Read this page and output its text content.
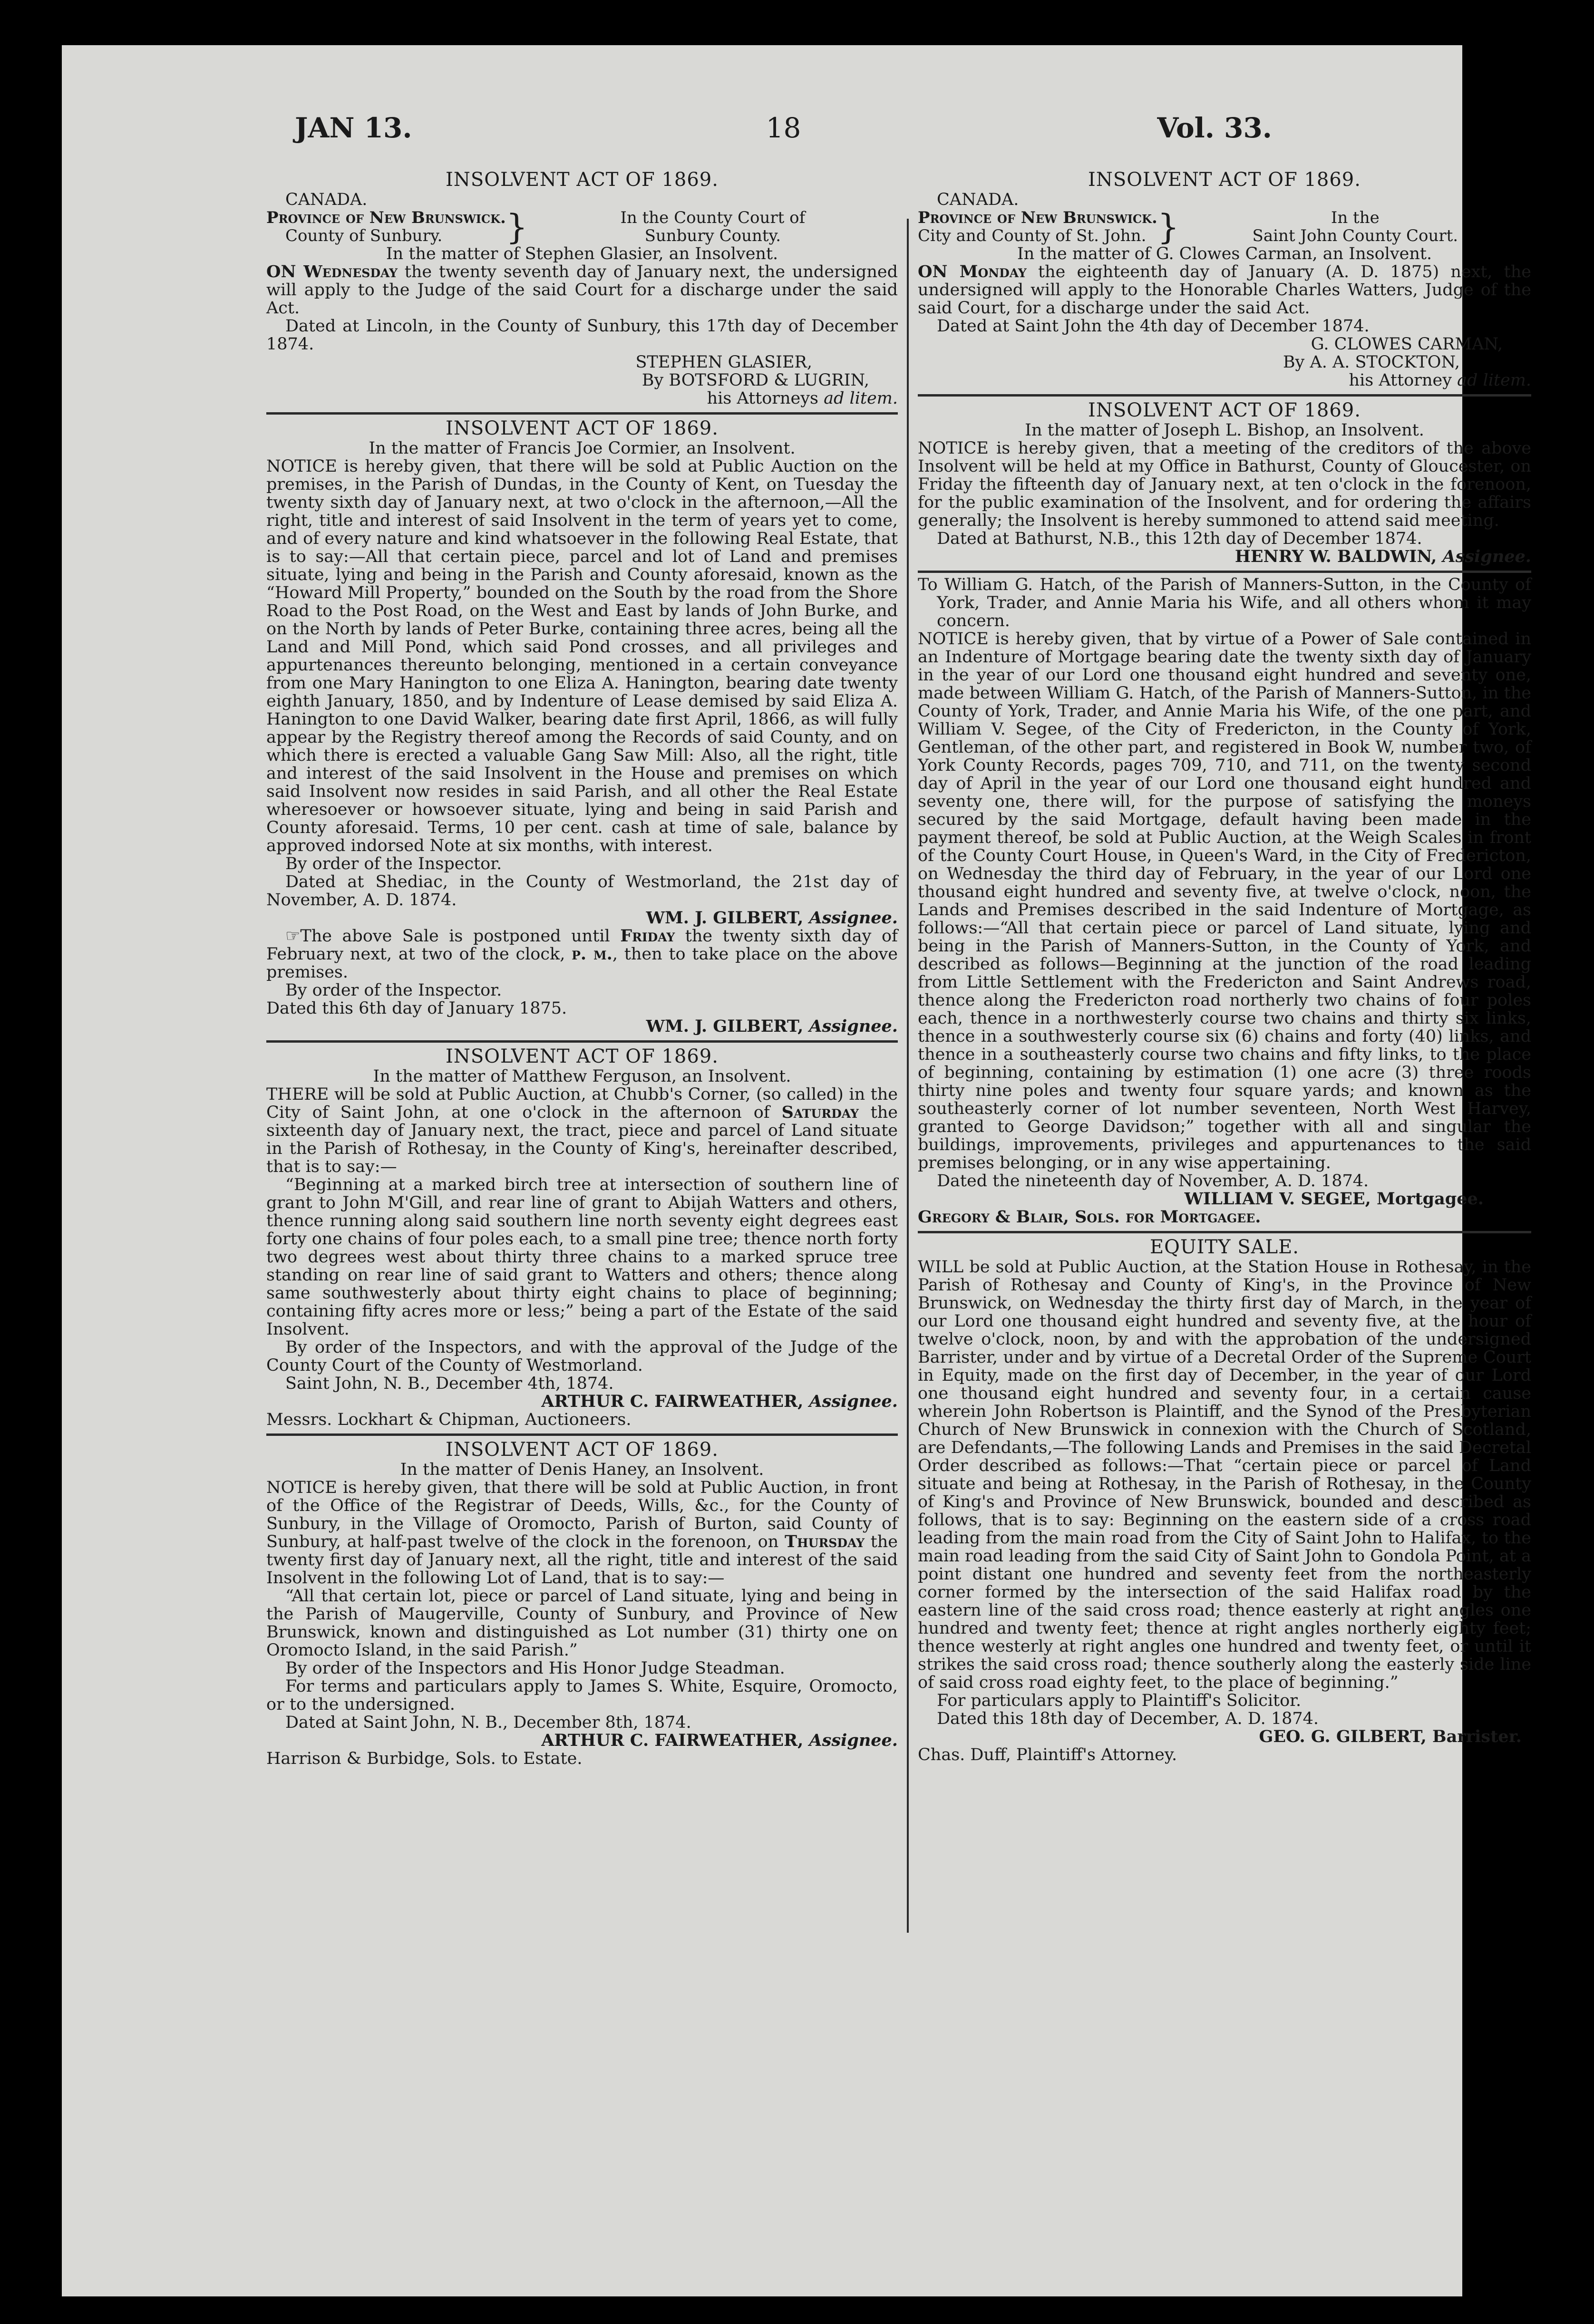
JAN 13.	18	Vol. 33.
INSOLVENT ACT OF 1869.
CANADA.
Province of New Brunswick.
County of Sunbury.	}	In the County Court of
Sunbury County.
In the matter of Stephen Glasier, an Insolvent.
ON Wednesday the twenty seventh day of January next, the undersigned will apply to the Judge of the said Court for a discharge under the said Act.
Dated at Lincoln, in the County of Sunbury, this 17th day of December 1874.
STEPHEN GLASIER,
By BOTSFORD & LUGRIN,
his Attorneys ad litem.
INSOLVENT ACT OF 1869.
In the matter of Francis Joe Cormier, an Insolvent.
NOTICE is hereby given, that there will be sold at Public Auction on the premises, in the Parish of Dundas, in the County of Kent, on Tuesday the twenty sixth day of January next, at two o'clock in the afternoon,—All the right, title and interest of said Insolvent in the term of years yet to come, and of every nature and kind whatsoever in the following Real Estate, that is to say:—All that certain piece, parcel and lot of Land and premises situate, lying and being in the Parish and County aforesaid, known as the “Howard Mill Property,” bounded on the South by the road from the Shore Road to the Post Road, on the West and East by lands of John Burke, and on the North by lands of Peter Burke, containing three acres, being all the Land and Mill Pond, which said Pond crosses, and all privileges and appurtenances thereunto belonging, mentioned in a certain conveyance from one Mary Hanington to one Eliza A. Hanington, bearing date twenty eighth January, 1850, and by Indenture of Lease demised by said Eliza A. Hanington to one David Walker, bearing date first April, 1866, as will fully appear by the Registry thereof among the Records of said County, and on which there is erected a valuable Gang Saw Mill: Also, all the right, title and interest of the said Insolvent in the House and premises on which said Insolvent now resides in said Parish, and all other the Real Estate wheresoever or howsoever situate, lying and being in said Parish and County aforesaid. Terms, 10 per cent. cash at time of sale, balance by approved indorsed Note at six months, with interest.
By order of the Inspector.
Dated at Shediac, in the County of Westmorland, the 21st day of November, A. D. 1874.
WM. J. GILBERT, Assignee.
☞The above Sale is postponed until Friday the twenty sixth day of February next, at two of the clock, p. m., then to take place on the above premises.
By order of the Inspector.
Dated this 6th day of January 1875.
WM. J. GILBERT, Assignee.
INSOLVENT ACT OF 1869.
In the matter of Matthew Ferguson, an Insolvent.
THERE will be sold at Public Auction, at Chubb's Corner, (so called) in the City of Saint John, at one o'clock in the afternoon of Saturday the sixteenth day of January next, the tract, piece and parcel of Land situate in the Parish of Rothesay, in the County of King's, hereinafter described, that is to say:—
“Beginning at a marked birch tree at intersection of southern line of grant to John M'Gill, and rear line of grant to Abijah Watters and others, thence running along said southern line north seventy eight degrees east forty one chains of four poles each, to a small pine tree; thence north forty two degrees west about thirty three chains to a marked spruce tree standing on rear line of said grant to Watters and others; thence along same southwesterly about thirty eight chains to place of beginning; containing fifty acres more or less;” being a part of the Estate of the said Insolvent.
By order of the Inspectors, and with the approval of the Judge of the County Court of the County of Westmorland.
Saint John, N. B., December 4th, 1874.
ARTHUR C. FAIRWEATHER, Assignee.
Messrs. Lockhart & Chipman, Auctioneers.
INSOLVENT ACT OF 1869.
In the matter of Denis Haney, an Insolvent.
NOTICE is hereby given, that there will be sold at Public Auction, in front of the Office of the Registrar of Deeds, Wills, &c., for the County of Sunbury, in the Village of Oromocto, Parish of Burton, said County of Sunbury, at half-past twelve of the clock in the forenoon, on Thursday the twenty first day of January next, all the right, title and interest of the said Insolvent in the following Lot of Land, that is to say:—
“All that certain lot, piece or parcel of Land situate, lying and being in the Parish of Maugerville, County of Sunbury, and Province of New Brunswick, known and distinguished as Lot number (31) thirty one on Oromocto Island, in the said Parish.”
By order of the Inspectors and His Honor Judge Steadman.
For terms and particulars apply to James S. White, Esquire, Oromocto, or to the undersigned.
Dated at Saint John, N. B., December 8th, 1874.
ARTHUR C. FAIRWEATHER, Assignee.
Harrison & Burbidge, Sols. to Estate.
INSOLVENT ACT OF 1869.
CANADA.
Province of New Brunswick.
City and County of St. John. }	In the
Saint John County Court.
In the matter of G. Clowes Carman, an Insolvent.
ON Monday the eighteenth day of January (A. D. 1875) next, the undersigned will apply to the Honorable Charles Watters, Judge of the said Court, for a discharge under the said Act.
Dated at Saint John the 4th day of December 1874.
G. CLOWES CARMAN,
By A. A. STOCKTON,
his Attorney ad litem.
INSOLVENT ACT OF 1869.
In the matter of Joseph L. Bishop, an Insolvent.
NOTICE is hereby given, that a meeting of the creditors of the above Insolvent will be held at my Office in Bathurst, County of Gloucester, on Friday the fifteenth day of January next, at ten o'clock in the forenoon, for the public examination of the Insolvent, and for ordering the affairs generally; the Insolvent is hereby summoned to attend said meeting.
Dated at Bathurst, N.B., this 12th day of December 1874.
HENRY W. BALDWIN, Assignee.
To William G. Hatch, of the Parish of Manners-Sutton, in the County of York, Trader, and Annie Maria his Wife, and all others whom it may concern.
NOTICE is hereby given, that by virtue of a Power of Sale contained in an Indenture of Mortgage bearing date the twenty sixth day of January in the year of our Lord one thousand eight hundred and seventy one, made between William G. Hatch, of the Parish of Manners-Sutton, in the County of York, Trader, and Annie Maria his Wife, of the one part, and William V. Segee, of the City of Fredericton, in the County of York, Gentleman, of the other part, and registered in Book W, number two, of York County Records, pages 709, 710, and 711, on the twenty second day of April in the year of our Lord one thousand eight hundred and seventy one, there will, for the purpose of satisfying the moneys secured by the said Mortgage, default having been made in the payment thereof, be sold at Public Auction, at the Weigh Scales in front of the County Court House, in Queen's Ward, in the City of Fredericton, on Wednesday the third day of February, in the year of our Lord one thousand eight hundred and seventy five, at twelve o'clock, noon, the Lands and Premises described in the said Indenture of Mortgage, as follows:—“All that certain piece or parcel of Land situate, lying and being in the Parish of Manners-Sutton, in the County of York, and described as follows—Beginning at the junction of the road leading from Little Settlement with the Fredericton and Saint Andrews road, thence along the Fredericton road northerly two chains of four poles each, thence in a northwesterly course two chains and thirty six links, thence in a southwesterly course six (6) chains and forty (40) links, and thence in a southeasterly course two chains and fifty links, to the place of beginning, containing by estimation (1) one acre (3) three roods thirty nine poles and twenty four square yards; and known as the southeasterly corner of lot number seventeen, North West Harvey, granted to George Davidson;” together with all and singular the buildings, improvements, privileges and appurtenances to the said premises belonging, or in any wise appertaining.
Dated the nineteenth day of November, A. D. 1874.
WILLIAM V. SEGEE, Mortgagee.
Gregory & Blair, Sols. for Mortgagee.
EQUITY SALE.
WILL be sold at Public Auction, at the Station House in Rothesay, in the Parish of Rothesay and County of King's, in the Province of New Brunswick, on Wednesday the thirty first day of March, in the year of our Lord one thousand eight hundred and seventy five, at the hour of twelve o'clock, noon, by and with the approbation of the undersigned Barrister, under and by virtue of a Decretal Order of the Supreme Court in Equity, made on the first day of December, in the year of our Lord one thousand eight hundred and seventy four, in a certain cause wherein John Robertson is Plaintiff, and the Synod of the Presbyterian Church of New Brunswick in connexion with the Church of Scotland, are Defendants,—The following Lands and Premises in the said Decretal Order described as follows:—That “certain piece or parcel of Land situate and being at Rothesay, in the Parish of Rothesay, in the County of King's and Province of New Brunswick, bounded and described as follows, that is to say: Beginning on the eastern side of a cross road leading from the main road from the City of Saint John to Halifax, to the main road leading from the said City of Saint John to Gondola Point, at a point distant one hundred and seventy feet from the northeasterly corner formed by the intersection of the said Halifax road by the eastern line of the said cross road; thence easterly at right angles one hundred and twenty feet; thence at right angles northerly eighty feet; thence westerly at right angles one hundred and twenty feet, or until it strikes the said cross road; thence southerly along the easterly side line of said cross road eighty feet, to the place of beginning.”
For particulars apply to Plaintiff's Solicitor.
Dated this 18th day of December, A. D. 1874.
GEO. G. GILBERT, Barrister.
Chas. Duff, Plaintiff's Attorney.
